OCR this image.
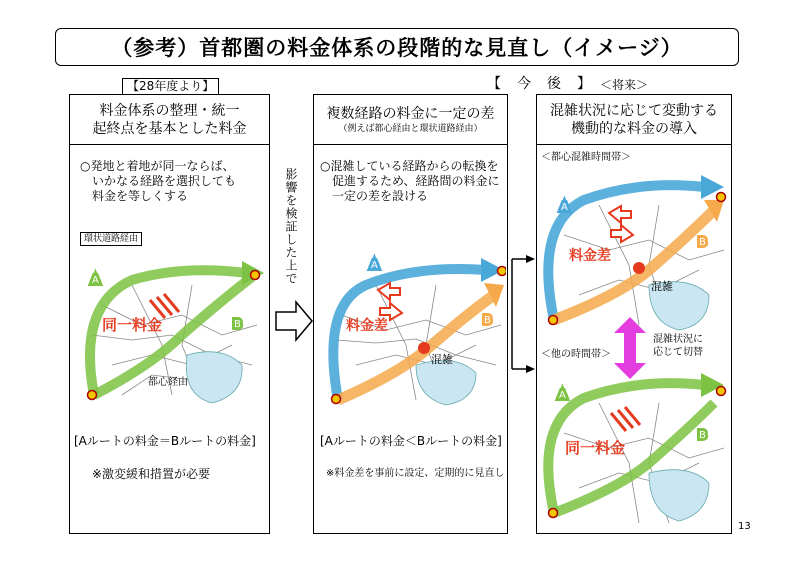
（参考）首都圏の料金体系の段階的な見直し（イメージ）
【28年度より】	【　今　後　】 ＜将来＞
料金体系の整理・統一
起終点を基本とした料金
○発地と着地が同一ならば、
いかなる経路を選択しても
料金を等しくする
環状道路経由
A
B
同一料金
都心経由
[Aルートの料金＝Bルートの料金]
※激変緩和措置が必要
影響を検証した上で
複数経路の料金に一定の差
（例えば都心経由と環状道路経由）
○混雑している経路からの転換を
促進するため、経路間の料金に
一定の差を設ける
A
B
料金差
混雑
[Aルートの料金＜Bルートの料金]
※料金差を事前に設定、定期的に見直し
混雑状況に応じて変動する
機動的な料金の導入
＜都心混雑時間帯＞
A
B
料金差
混雑
混雑状況に
応じて切替
＜他の時間帯＞
A
B
同一料金
13
